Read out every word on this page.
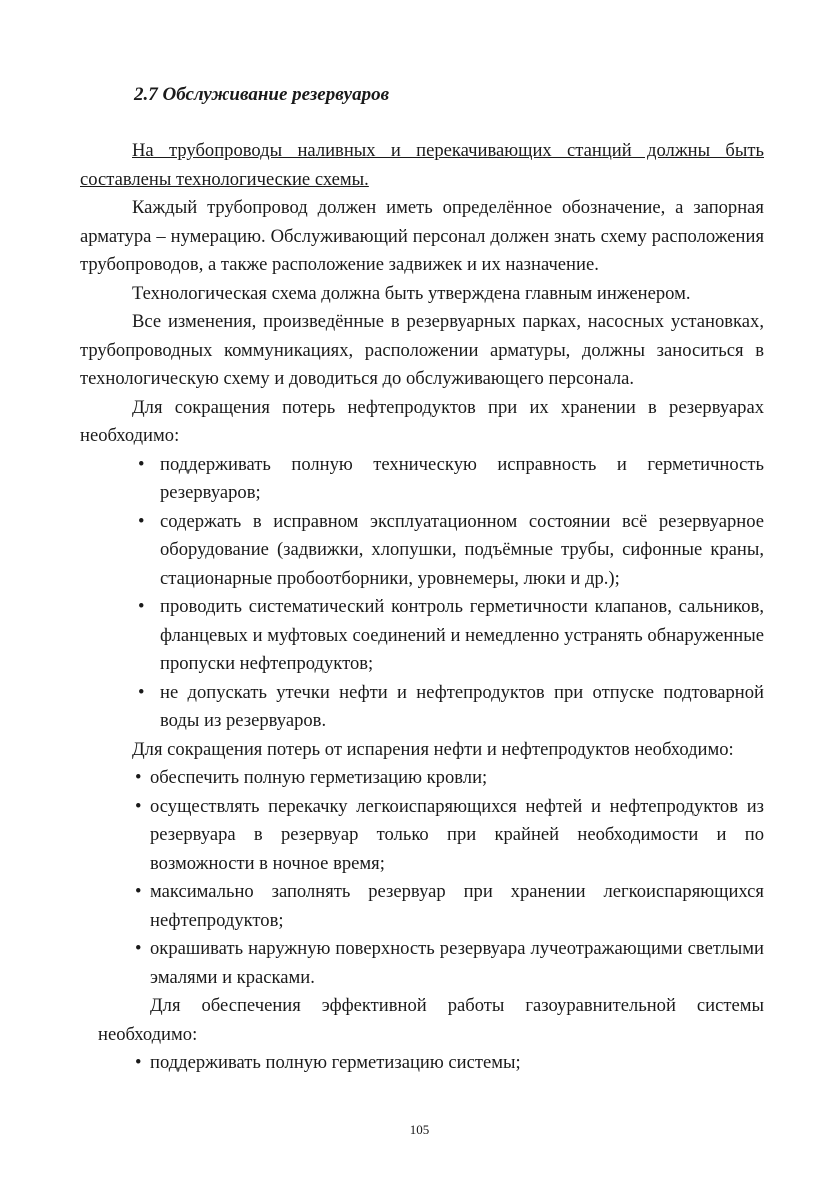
2.7 Обслуживание резервуаров

На трубопроводы наливных и перекачивающих станций должны быть составлены технологические схемы.

Каждый трубопровод должен иметь определённое обозначение, а запорная арматура – нумерацию. Обслуживающий персонал должен знать схему расположения трубопроводов, а также расположение задвижек и их назначение.

Технологическая схема должна быть утверждена главным инженером.

Все изменения, произведённые в резервуарных парках, насосных установках, трубопроводных коммуникациях, расположении арматуры, должны заноситься в технологическую схему и доводиться до обслуживающего персонала.

Для сокращения потерь нефтепродуктов при их хранении в резервуарах необходимо:

• поддерживать полную техническую исправность и герметичность резервуаров;
• содержать в исправном эксплуатационном состоянии всё резервуарное оборудование (задвижки, хлопушки, подъёмные трубы, сифонные краны, стационарные пробоотборники, уровнемеры, люки и др.);
• проводить систематический контроль герметичности клапанов, сальников, фланцевых и муфтовых соединений и немедленно устранять обнаруженные пропуски нефтепродуктов;
• не допускать утечки нефти и нефтепродуктов при отпуске подтоварной воды из резервуаров.

Для сокращения потерь от испарения нефти и нефтепродуктов необходимо:

• обеспечить полную герметизацию кровли;
• осуществлять перекачку легкоиспаряющихся нефтей и нефтепродуктов из резервуара в резервуар только при крайней необходимости и по возможности в ночное время;
• максимально заполнять резервуар при хранении легкоиспаряющихся нефтепродуктов;
• окрашивать наружную поверхность резервуара лучеотражающими светлыми эмалями и красками.

Для обеспечения эффективной работы газоуравнительной системы необходимо:

• поддерживать полную герметизацию системы;
105
